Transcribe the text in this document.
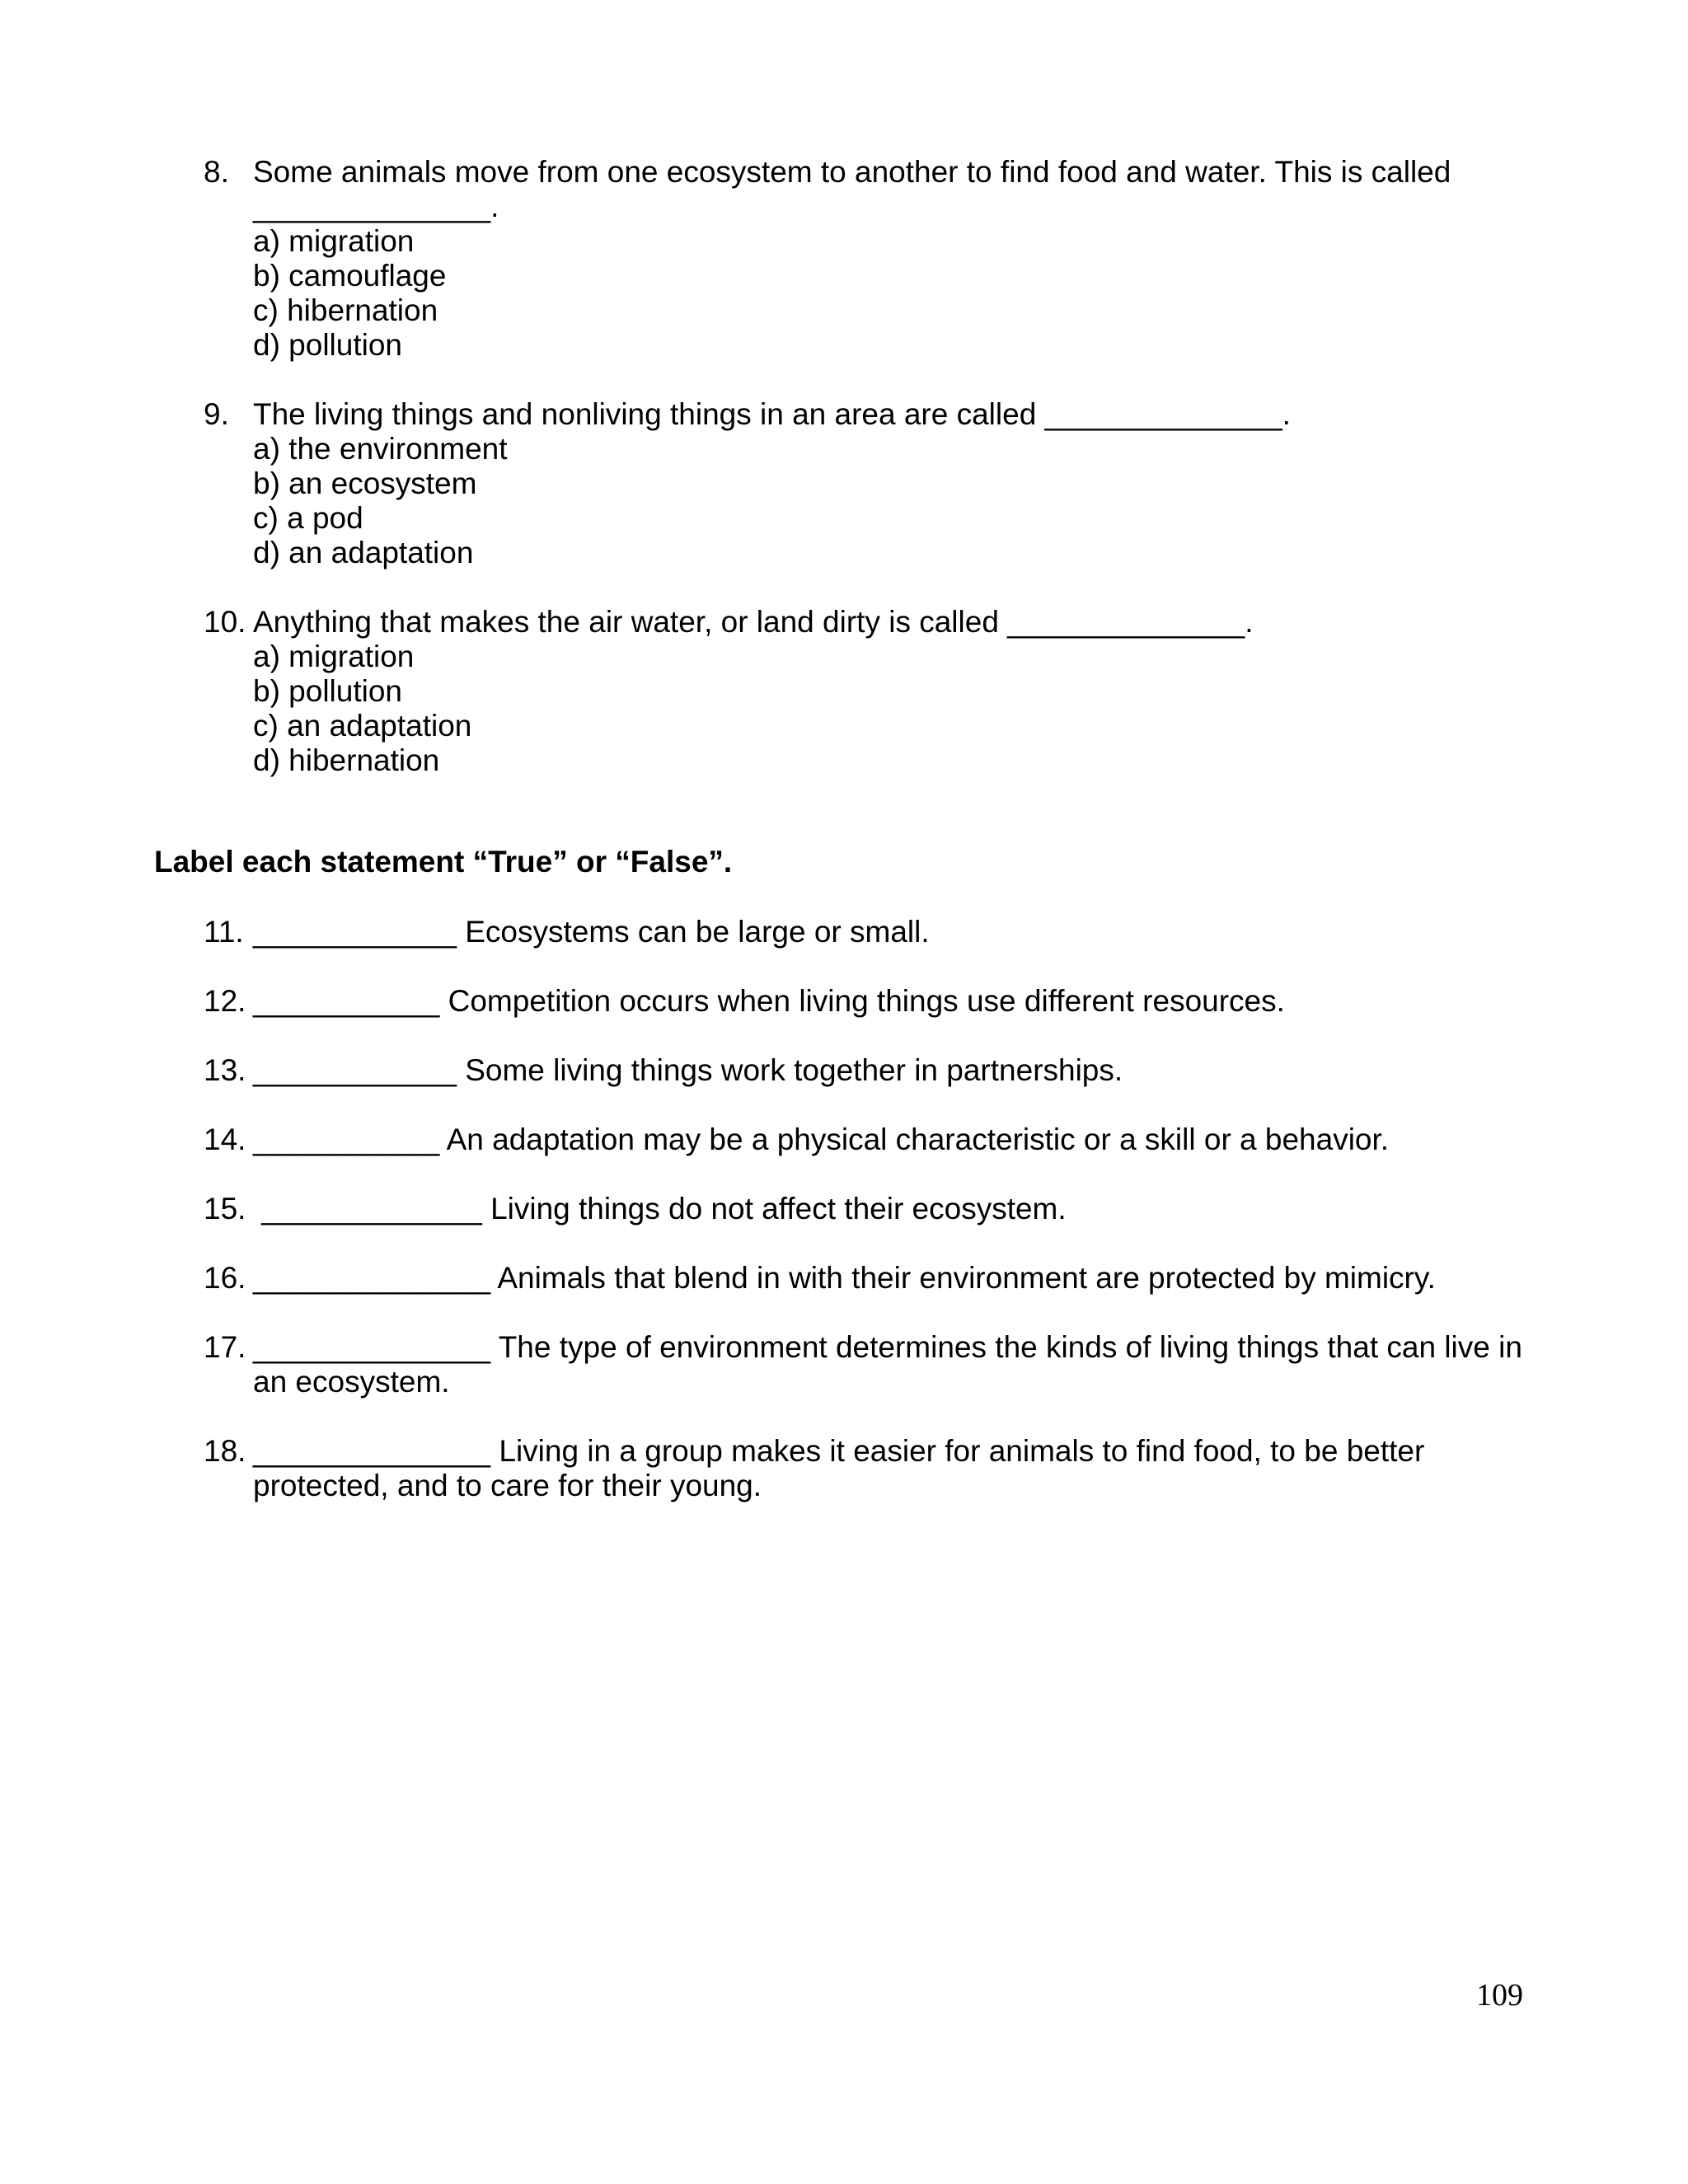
8. Some animals move from one ecosystem to another to find food and water. This is called ______________.
a) migration
b) camouflage
c) hibernation
d) pollution
9. The living things and nonliving things in an area are called ______________.
a) the environment
b) an ecosystem
c) a pod
d) an adaptation
10. Anything that makes the air water, or land dirty is called ______________.
a) migration
b) pollution
c) an adaptation
d) hibernation
Label each statement “True” or “False”.
11. ____________ Ecosystems can be large or small.
12. ___________ Competition occurs when living things use different resources.
13. ____________ Some living things work together in partnerships.
14. ___________ An adaptation may be a physical characteristic or a skill or a behavior.
15. _____________ Living things do not affect their ecosystem.
16. ______________ Animals that blend in with their environment are protected by mimicry.
17. ______________ The type of environment determines the kinds of living things that can live in an ecosystem.
18. ______________ Living in a group makes it easier for animals to find food, to be better protected, and to care for their young.
109
